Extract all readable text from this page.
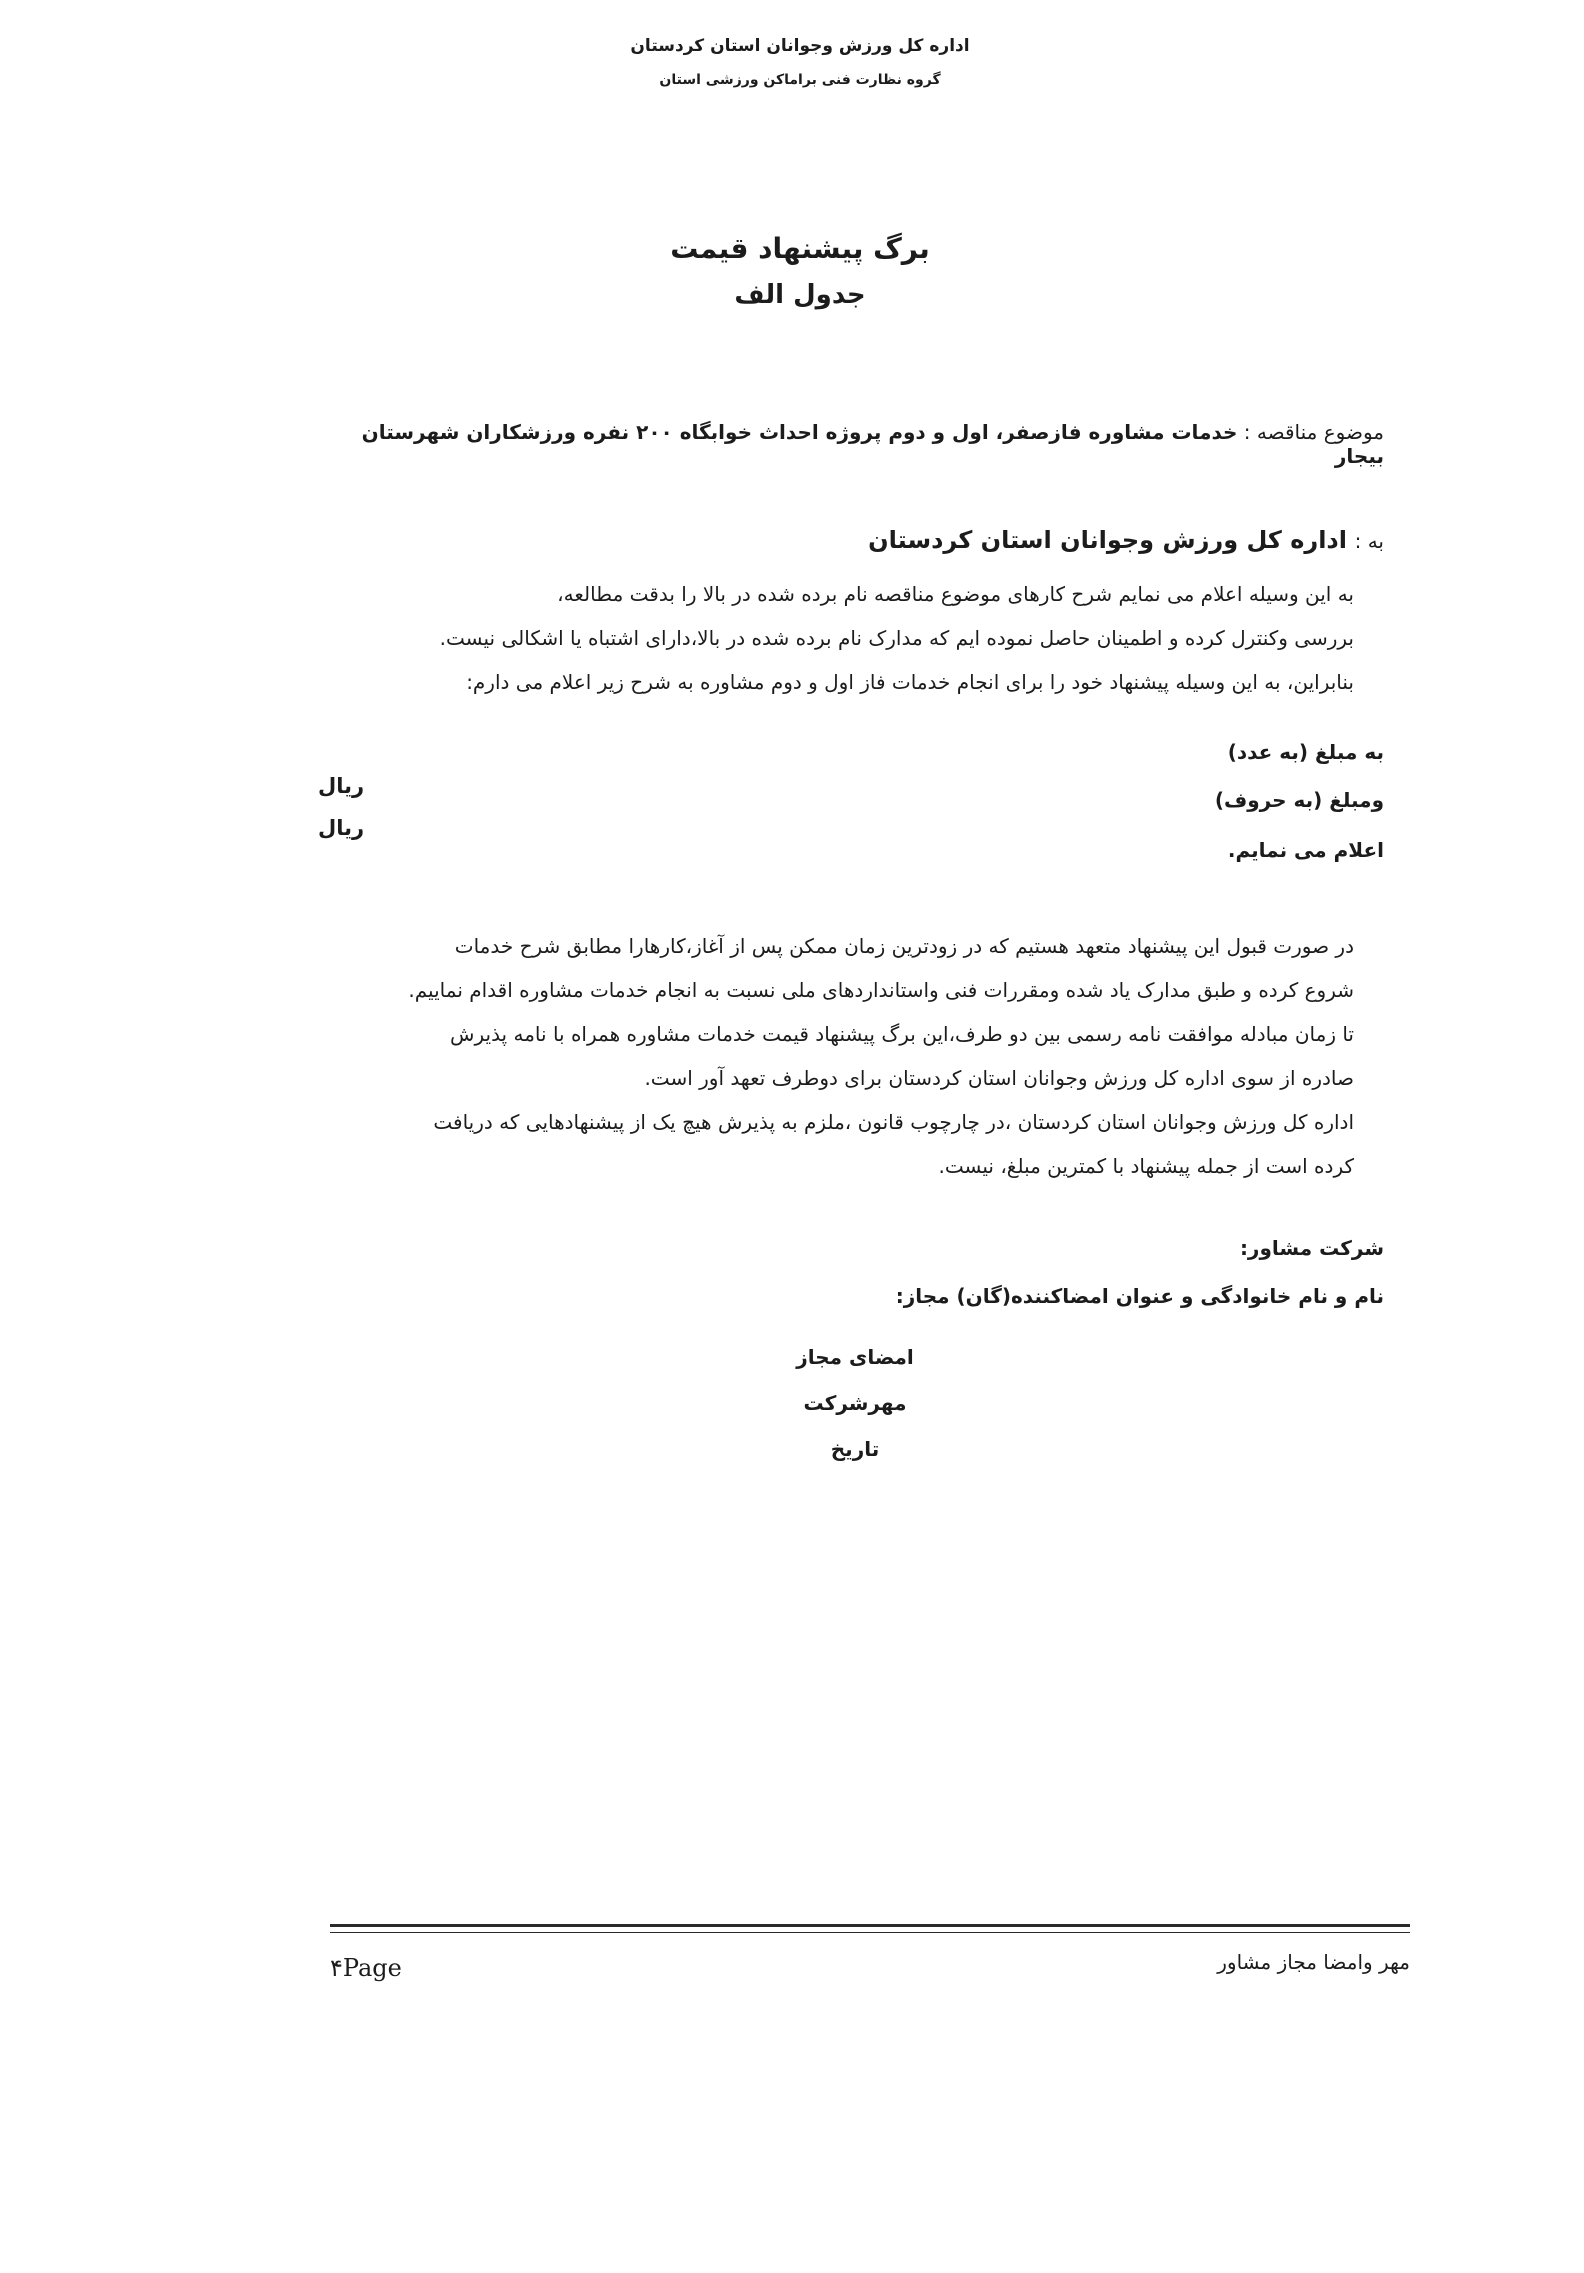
اداره کل ورزش وجوانان استان کردستان
گروه نظارت فنی براماکن ورزشی استان
برگ پیشنهاد قیمت
جدول الف
موضوع مناقصه : خدمات مشاوره فازصفر، اول و دوم پروژه احداث خوابگاه ۲۰۰ نفره ورزشکاران شهرستان بیجار
به : اداره کل ورزش وجوانان استان کردستان
به این وسیله اعلام می نمایم شرح کارهای موضوع مناقصه نام برده شده در بالا را بدقت مطالعه،
بررسی وکنترل کرده و اطمینان حاصل نموده ایم که مدارک نام برده شده در بالا،دارای اشتباه یا اشکالی نیست.
بنابراین، به این وسیله پیشنهاد خود را برای انجام خدمات فاز اول و دوم مشاوره به شرح زیر اعلام می دارم:
به مبلغ (به عدد)
ومبلغ (به حروف)
اعلام می نمایم.
ریال
ریال
در صورت قبول این پیشنهاد متعهد هستیم که در زودترین زمان ممکن پس از آغاز،کارهارا مطابق شرح خدمات
شروع کرده و طبق مدارک یاد شده ومقررات فنی واستانداردهای ملی نسبت به انجام خدمات مشاوره اقدام نماییم.
تا زمان مبادله موافقت نامه رسمی بین دو طرف،این برگ پیشنهاد قیمت خدمات مشاوره همراه با نامه پذیرش
صادره از سوی اداره کل ورزش وجوانان استان کردستان برای دوطرف تعهد آور است.
اداره کل ورزش وجوانان استان کردستان ،در چارچوب قانون ،ملزم به پذیرش هیچ یک از پیشنهادهایی که دریافت
کرده است از جمله پیشنهاد با کمترین مبلغ، نیست.
شرکت مشاور:
نام و نام خانوادگی و عنوان امضاکننده(گان) مجاز:
امضای مجاز
مهرشرکت
تاریخ
مهر وامضا مجاز مشاور
۴Page
